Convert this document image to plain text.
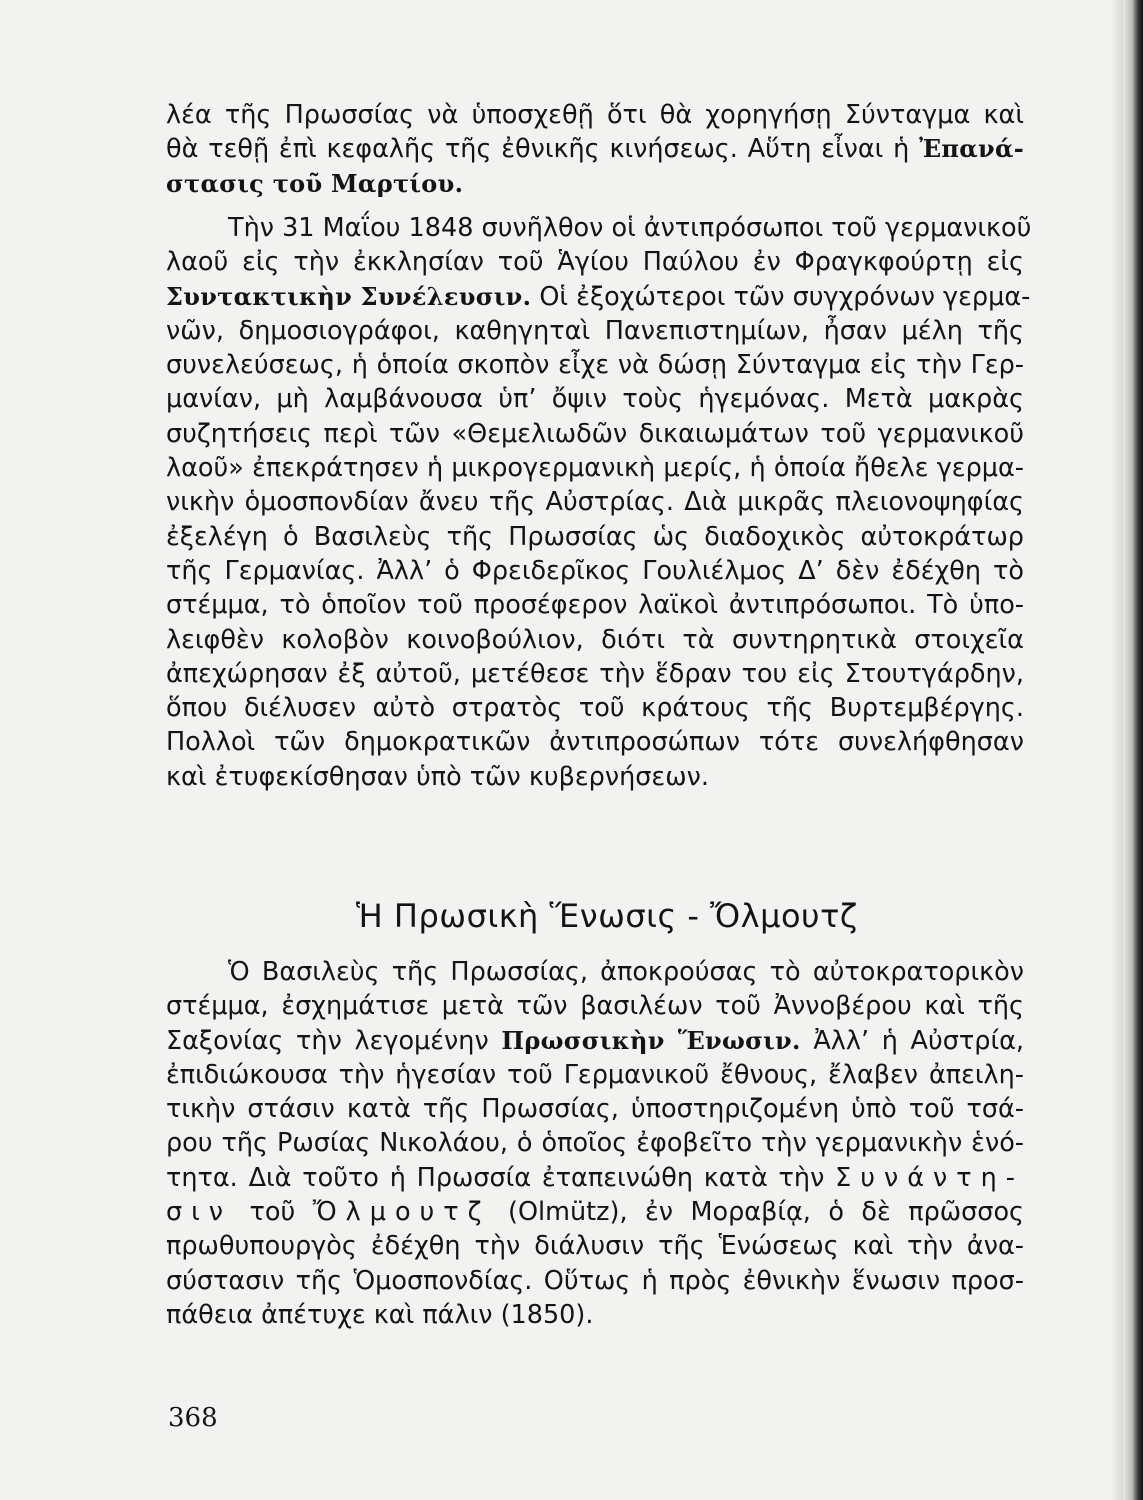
λέα τῆς Πρωσσίας νὰ ὑποσχεθῇ ὅτι θὰ χορηγήσῃ Σύνταγμα καὶ
θὰ τεθῇ ἐπὶ κεφαλῆς τῆς ἐθνικῆς κινήσεως. Αὕτη εἶναι ἡ Ἐπανά-
στασις τοῦ Μαρτίου.
Τὴν 31 Μαΐου 1848 συνῆλθον οἱ ἀντιπρόσωποι τοῦ γερμανικοῦ
λαοῦ εἰς τὴν ἐκκλησίαν τοῦ Ἁγίου Παύλου ἐν Φραγκφούρτῃ εἰς
Συντακτικὴν Συνέλευσιν. Οἱ ἐξοχώτεροι τῶν συγχρόνων γερμα-
νῶν, δημοσιογράφοι, καθηγηταὶ Πανεπιστημίων, ἦσαν μέλη τῆς
συνελεύσεως, ἡ ὁποία σκοπὸν εἶχε νὰ δώσῃ Σύνταγμα εἰς τὴν Γερ-
μανίαν, μὴ λαμβάνουσα ὑπ’ ὄψιν τοὺς ἡγεμόνας. Μετὰ μακρὰς
συζητήσεις περὶ τῶν «Θεμελιωδῶν δικαιωμάτων τοῦ γερμανικοῦ
λαοῦ» ἐπεκράτησεν ἡ μικρογερμανικὴ μερίς, ἡ ὁποία ἤθελε γερμα-
νικὴν ὁμοσπονδίαν ἄνευ τῆς Αὐστρίας. Διὰ μικρᾶς πλειονοψηφίας
ἐξελέγη ὁ Βασιλεὺς τῆς Πρωσσίας ὡς διαδοχικὸς αὐτοκράτωρ
τῆς Γερμανίας. Ἀλλ’ ὁ Φρειδερῖκος Γουλιέλμος Δ’ δὲν ἐδέχθη τὸ
στέμμα, τὸ ὁποῖον τοῦ προσέφερον λαϊκοὶ ἀντιπρόσωποι. Τὸ ὑπο-
λειφθὲν κολοβὸν κοινοβούλιον, διότι τὰ συντηρητικὰ στοιχεῖα
ἀπεχώρησαν ἐξ αὐτοῦ, μετέθεσε τὴν ἕδραν του εἰς Στουτγάρδην,
ὅπου διέλυσεν αὐτὸ στρατὸς τοῦ κράτους τῆς Βυρτεμβέργης.
Πολλοὶ τῶν δημοκρατικῶν ἀντιπροσώπων τότε συνελήφθησαν
καὶ ἐτυφεκίσθησαν ὑπὸ τῶν κυβερνήσεων.
Ἡ Πρωσικὴ Ἕνωσις - Ὄλμουτζ
Ὁ Βασιλεὺς τῆς Πρωσσίας, ἀποκρούσας τὸ αὐτοκρατορικὸν
στέμμα, ἐσχημάτισε μετὰ τῶν βασιλέων τοῦ Ἀννοβέρου καὶ τῆς
Σαξονίας τὴν λεγομένην Πρωσσικὴν Ἕνωσιν. Ἀλλ’ ἡ Αὐστρία,
ἐπιδιώκουσα τὴν ἡγεσίαν τοῦ Γερμανικοῦ ἔθνους, ἔλαβεν ἀπειλη-
τικὴν στάσιν κατὰ τῆς Πρωσσίας, ὑποστηριζομένη ὑπὸ τοῦ τσά-
ρου τῆς Ρωσίας Νικολάου, ὁ ὁποῖος ἐφοβεῖτο τὴν γερμανικὴν ἑνό-
τητα. Διὰ τοῦτο ἡ Πρωσσία ἐταπεινώθη κατὰ τὴν Συνάντη-
σιν τοῦ Ὄλμουτζ (Olmütz), ἐν Μοραβίᾳ, ὁ δὲ πρῶσσος
πρωθυπουργὸς ἐδέχθη τὴν διάλυσιν τῆς Ἑνώσεως καὶ τὴν ἀνα-
σύστασιν τῆς Ὁμοσπονδίας. Οὕτως ἡ πρὸς ἐθνικὴν ἕνωσιν προσ-
πάθεια ἀπέτυχε καὶ πάλιν (1850).
368
